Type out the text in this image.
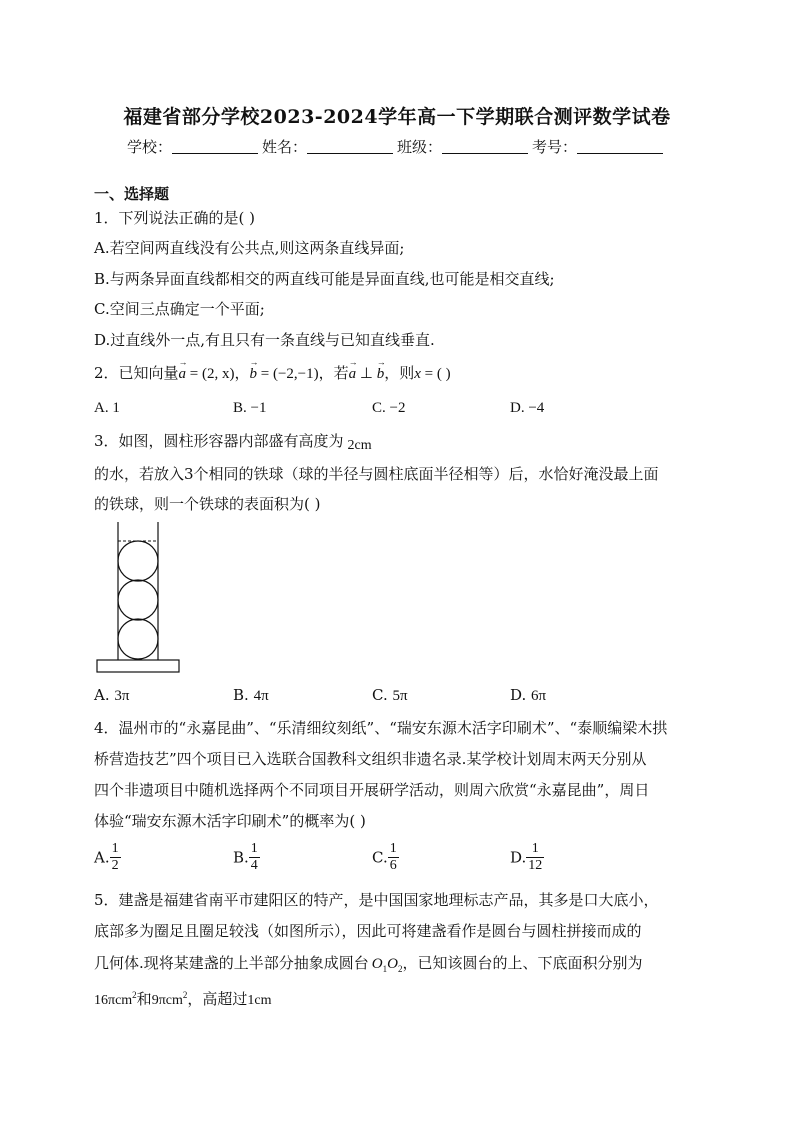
福建省部分学校2023-2024学年高一下学期联合测评数学试卷
学校：	姓名：	班级：	考号：
一、选择题
1．下列说法正确的是( )
A.若空间两直线没有公共点,则这两条直线异面;
B.与两条异面直线都相交的两直线可能是异面直线,也可能是相交直线;
C.空间三点确定一个平面;
D.过直线外一点,有且只有一条直线与已知直线垂直.
2．已知向量
→
a = (2, x)，
→
b = (−2,−1)，若
→
a ⊥
→
b，则x = ( )
A. 1	B. −1	C. −2	D. −4
3．如图，圆柱形容器内部盛有高度为 2cm
的水，若放入3个相同的铁球（球的半径与圆柱底面半径相等）后，水恰好淹没最上面
的铁球，则一个铁球的表面积为( )
A. 3π	B. 4π	C. 5π	D. 6π
4．温州市的“永嘉昆曲”、“乐清细纹刻纸”、“瑞安东源木活字印刷术”、“泰顺编梁木拱
桥营造技艺”四个项目已入选联合国教科文组织非遗名录.某学校计划周末两天分别从
四个非遗项目中随机选择两个不同项目开展研学活动，则周六欣赏“永嘉昆曲”，周日
体验“瑞安东源木活字印刷术”的概率为( )
A. $\frac{1}{2}$	B. $\frac{1}{4}$	C. $\frac{1}{6}$	D. $\frac{1}{12}$
5．建盏是福建省南平市建阳区的特产，是中国国家地理标志产品，其多是口大底小，
底部多为圈足且圈足较浅（如图所示），因此可将建盏看作是圆台与圆柱拼接而成的
几何体.现将某建盏的上半部分抽象成圆台 $O_1O_2$，已知该圆台的上、下底面积分别为
16πcm$^2$和9πcm$^2$，高超过1cm
